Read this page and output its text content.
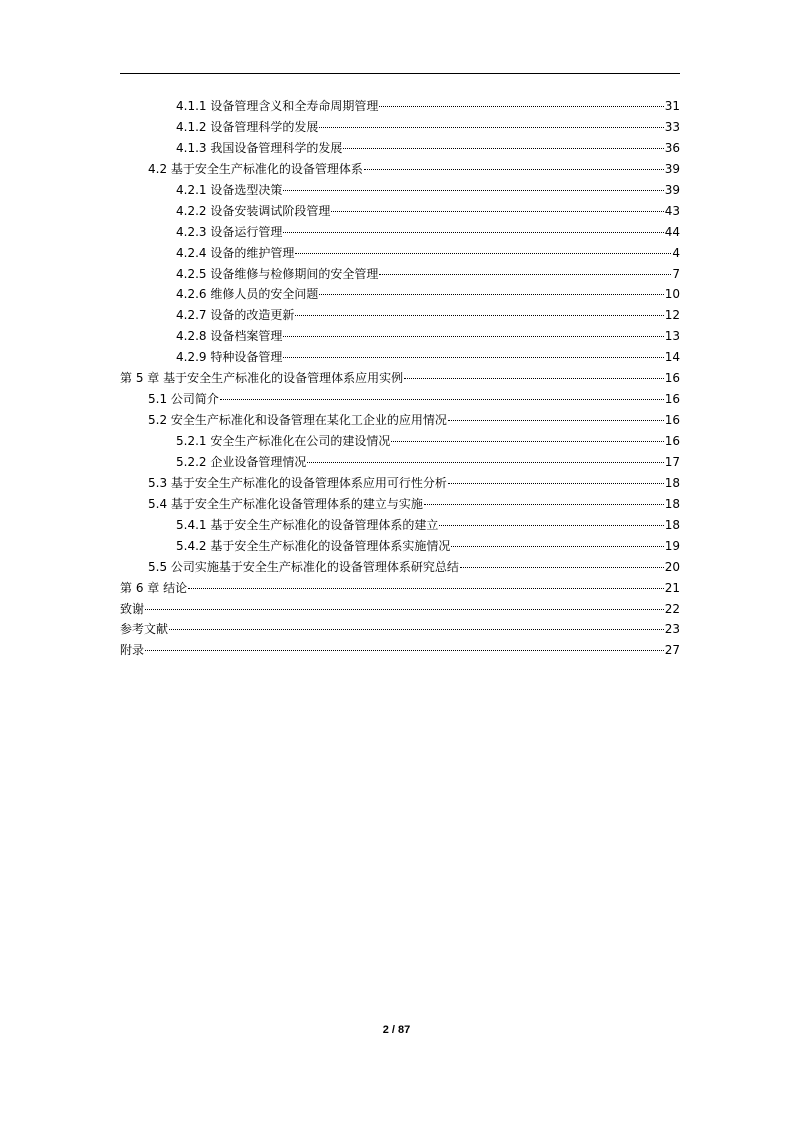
4.1.1 设备管理含义和全寿命周期管理	31
4.1.2 设备管理科学的发展	33
4.1.3 我国设备管理科学的发展	36
4.2 基于安全生产标准化的设备管理体系	39
4.2.1 设备选型决策	39
4.2.2 设备安装调试阶段管理	43
4.2.3 设备运行管理	44
4.2.4 设备的维护管理	4
4.2.5 设备维修与检修期间的安全管理	7
4.2.6 维修人员的安全问题	10
4.2.7 设备的改造更新	12
4.2.8 设备档案管理	13
4.2.9 特种设备管理	14
第 5 章 基于安全生产标准化的设备管理体系应用实例	16
5.1 公司简介	16
5.2 安全生产标准化和设备管理在某化工企业的应用情况	16
5.2.1 安全生产标准化在公司的建设情况	16
5.2.2 企业设备管理情况	17
5.3 基于安全生产标准化的设备管理体系应用可行性分析	18
5.4 基于安全生产标准化设备管理体系的建立与实施	18
5.4.1 基于安全生产标准化的设备管理体系的建立	18
5.4.2 基于安全生产标准化的设备管理体系实施情况	19
5.5 公司实施基于安全生产标准化的设备管理体系研究总结	20
第 6 章 结论	21
致谢	22
参考文献	23
附录	27
2 / 87
